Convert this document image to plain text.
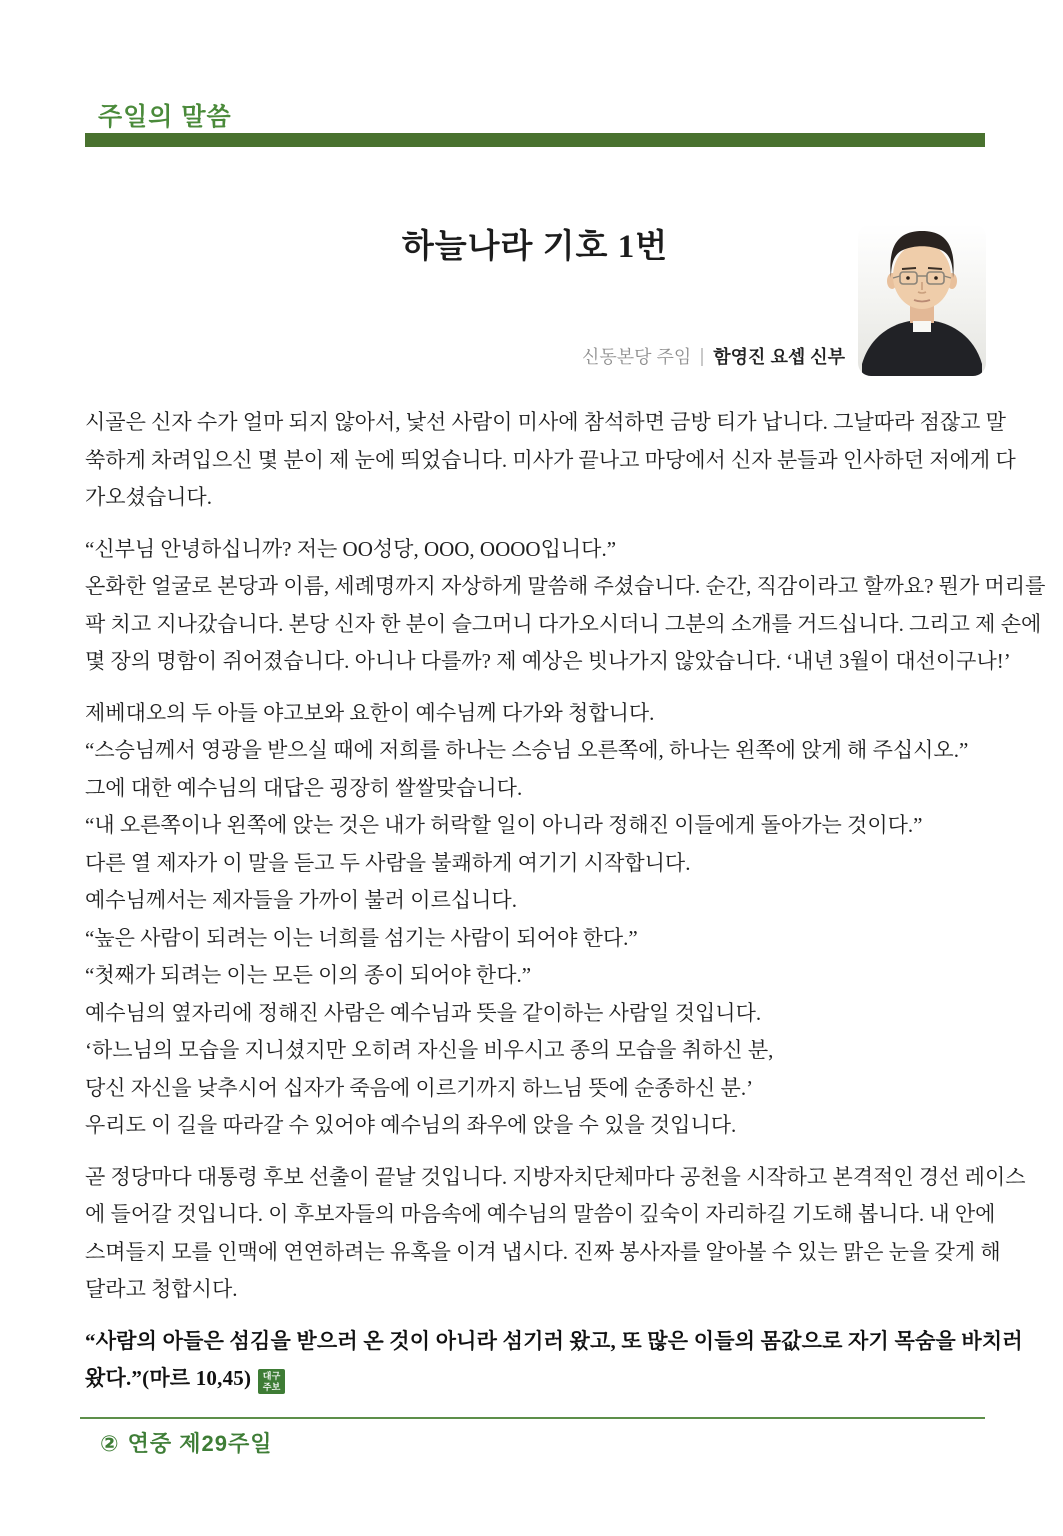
주일의 말씀
하늘나라 기호 1번
신동본당 주임 함영진 요셉 신부
시골은 신자 수가 얼마 되지 않아서, 낯선 사람이 미사에 참석하면 금방 티가 납니다. 그날따라 점잖고 말
쑥하게 차려입으신 몇 분이 제 눈에 띄었습니다. 미사가 끝나고 마당에서 신자 분들과 인사하던 저에게 다
가오셨습니다.
“신부님 안녕하십니까? 저는 OO성당, OOO, OOOO입니다.”
온화한 얼굴로 본당과 이름, 세례명까지 자상하게 말씀해 주셨습니다. 순간, 직감이라고 할까요? 뭔가 머리를
팍 치고 지나갔습니다. 본당 신자 한 분이 슬그머니 다가오시더니 그분의 소개를 거드십니다. 그리고 제 손에
몇 장의 명함이 쥐어졌습니다. 아니나 다를까? 제 예상은 빗나가지 않았습니다. ‘내년 3월이 대선이구나!’
제베대오의 두 아들 야고보와 요한이 예수님께 다가와 청합니다.
“스승님께서 영광을 받으실 때에 저희를 하나는 스승님 오른쪽에, 하나는 왼쪽에 앉게 해 주십시오.”
그에 대한 예수님의 대답은 굉장히 쌀쌀맞습니다.
“내 오른쪽이나 왼쪽에 앉는 것은 내가 허락할 일이 아니라 정해진 이들에게 돌아가는 것이다.”
다른 열 제자가 이 말을 듣고 두 사람을 불쾌하게 여기기 시작합니다.
예수님께서는 제자들을 가까이 불러 이르십니다.
“높은 사람이 되려는 이는 너희를 섬기는 사람이 되어야 한다.”
“첫째가 되려는 이는 모든 이의 종이 되어야 한다.”
예수님의 옆자리에 정해진 사람은 예수님과 뜻을 같이하는 사람일 것입니다.
‘하느님의 모습을 지니셨지만 오히려 자신을 비우시고 종의 모습을 취하신 분,
당신 자신을 낮추시어 십자가 죽음에 이르기까지 하느님 뜻에 순종하신 분.’
우리도 이 길을 따라갈 수 있어야 예수님의 좌우에 앉을 수 있을 것입니다.
곧 정당마다 대통령 후보 선출이 끝날 것입니다. 지방자치단체마다 공천을 시작하고 본격적인 경선 레이스
에 들어갈 것입니다. 이 후보자들의 마음속에 예수님의 말씀이 깊숙이 자리하길 기도해 봅니다. 내 안에
스며들지 모를 인맥에 연연하려는 유혹을 이겨 냅시다. 진짜 봉사자를 알아볼 수 있는 맑은 눈을 갖게 해
달라고 청합시다.
“사람의 아들은 섬김을 받으러 온 것이 아니라 섬기러 왔고, 또 많은 이들의 몸값으로 자기 목숨을 바치러
왔다.”(마르 10,45)	대구
주보
② 연중 제29주일
